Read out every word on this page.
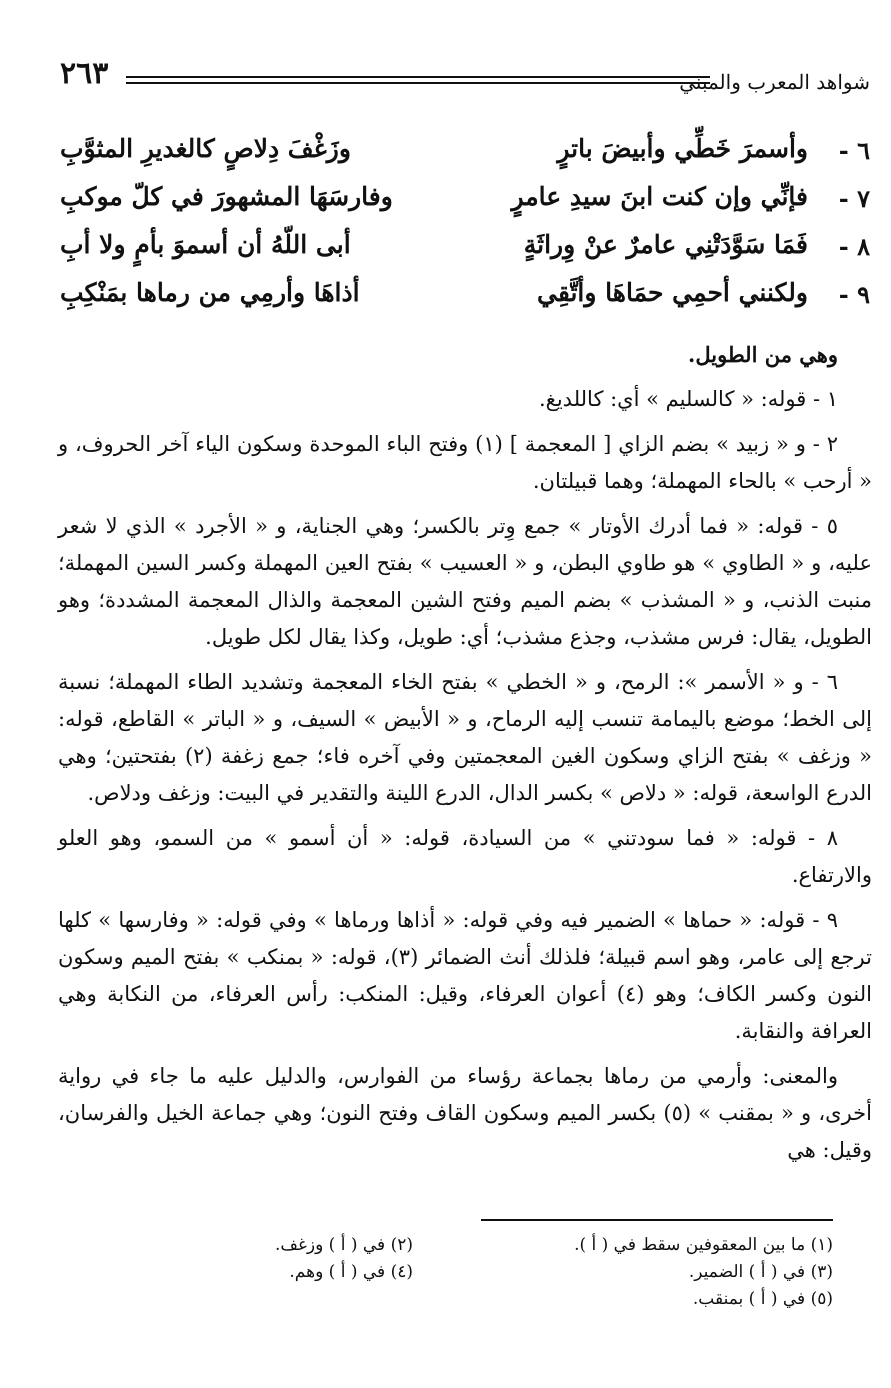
شواهد المعرب والمبني
٢٦٣
٦ -
وأسمرَ خَطِّي وأبيضَ باترٍ
وزَغْفَ دِلاصٍ كالغديرِ المثوَّبِ
٧ -
فإنِّي وإن كنت ابنَ سيدِ عامرٍ
وفارسَهَا المشهورَ في كلّ موكبِ
٨ -
فَمَا سَوَّدَتْنِي عامرٌ عنْ وِراثَةٍ
أبى اللّهُ أن أسموَ بأمٍ ولا أبِ
٩ -
ولكنني أحمِي حمَاهَا وأتَّقِي
أذاهَا وأرمِي من رماها بمَنْكِبِ

وهي من الطويل.

١ - قوله: « كالسليم » أي: كاللديغ.

٢ - و « زبيد » بضم الزاي [ المعجمة ] (١) وفتح الباء الموحدة وسكون الياء آخر الحروف، و « أرحب » بالحاء المهملة؛ وهما قبيلتان.

٥ - قوله: « فما أدرك الأوتار » جمع وِتر بالكسر؛ وهي الجناية، و « الأجرد » الذي لا شعر عليه، و « الطاوي » هو طاوي البطن، و « العسيب » بفتح العين المهملة وكسر السين المهملة؛ منبت الذنب، و « المشذب » بضم الميم وفتح الشين المعجمة والذال المعجمة المشددة؛ وهو الطويل، يقال: فرس مشذب، وجذع مشذب؛ أي: طويل، وكذا يقال لكل طويل.

٦ - و « الأسمر »: الرمح، و « الخطي » بفتح الخاء المعجمة وتشديد الطاء المهملة؛ نسبة إلى الخط؛ موضع باليمامة تنسب إليه الرماح، و « الأبيض » السيف، و « الباتر » القاطع، قوله: « وزغف » بفتح الزاي وسكون الغين المعجمتين وفي آخره فاء؛ جمع زغفة (٢) بفتحتين؛ وهي الدرع الواسعة، قوله: « دلاص » بكسر الدال، الدرع اللينة والتقدير في البيت: وزغف ودلاص.

٨ - قوله: « فما سودتني » من السيادة، قوله: « أن أسمو » من السمو، وهو العلو والارتفاع.

٩ - قوله: « حماها » الضمير فيه وفي قوله: « أذاها ورماها » وفي قوله: « وفارسها » كلها ترجع إلى عامر، وهو اسم قبيلة؛ فلذلك أنث الضمائر (٣)، قوله: « بمنكب » بفتح الميم وسكون النون وكسر الكاف؛ وهو (٤) أعوان العرفاء، وقيل: المنكب: رأس العرفاء، من النكابة وهي العرافة والنقابة.

والمعنى: وأرمي من رماها بجماعة رؤساء من الفوارس، والدليل عليه ما جاء في رواية أخرى، و « بمقنب » (٥) بكسر الميم وسكون القاف وفتح النون؛ وهي جماعة الخيل والفرسان، وقيل: هي

(١) ما بين المعقوفين سقط في ( أ ).
(٢) في ( أ ) وزغف.
(٣) في ( أ ) الضمير.
(٤) في ( أ ) وهم.
(٥) في ( أ ) بمنقب.
